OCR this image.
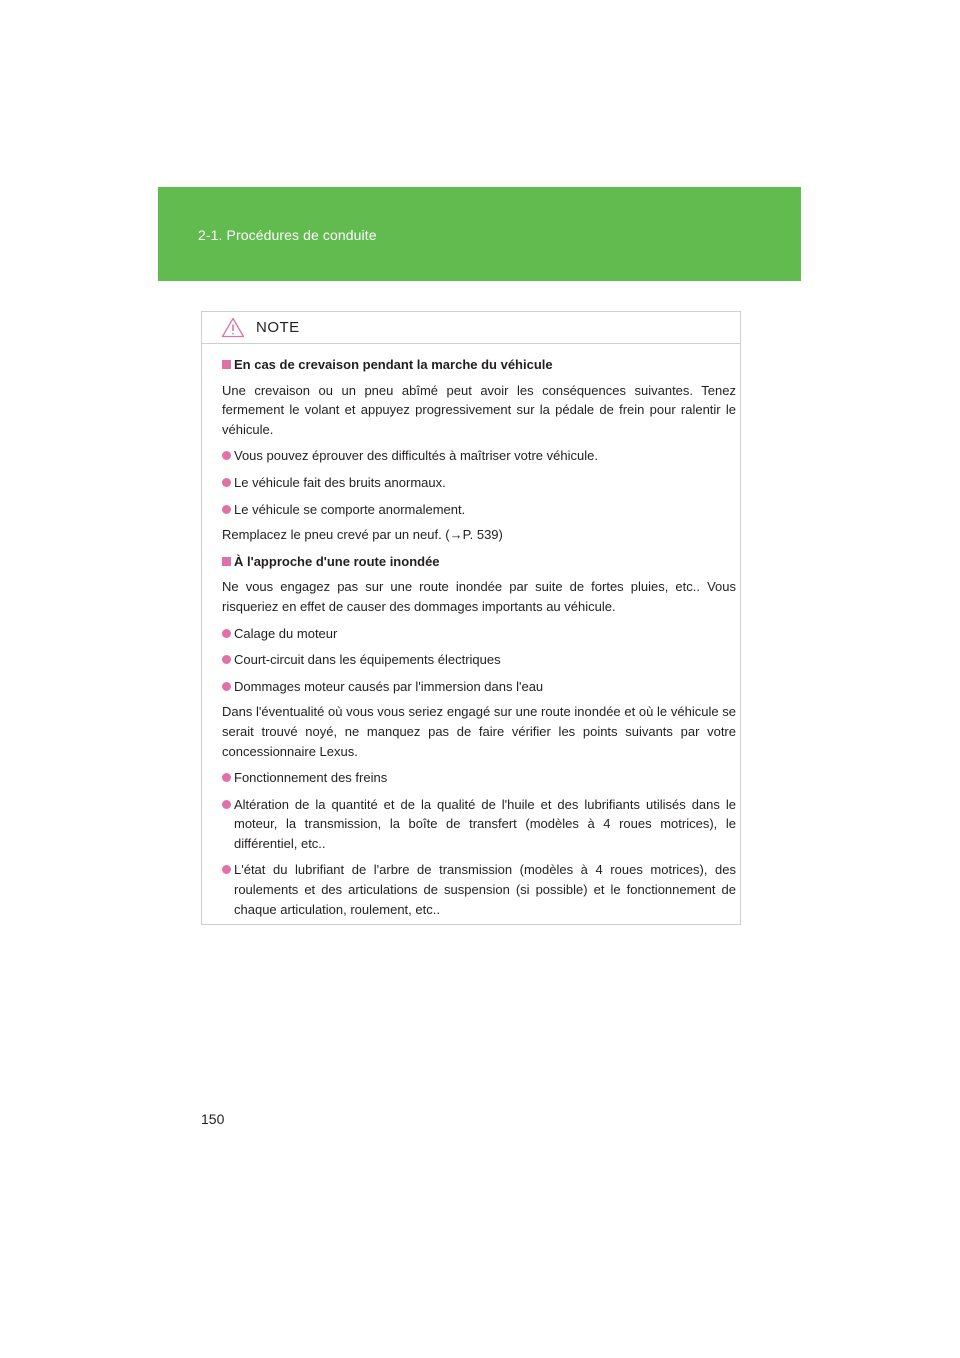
2-1. Procédures de conduite
NOTE

En cas de crevaison pendant la marche du véhicule

Une crevaison ou un pneu abîmé peut avoir les conséquences suivantes. Tenez fermement le volant et appuyez progressivement sur la pédale de frein pour ralentir le véhicule.

Vous pouvez éprouver des difficultés à maîtriser votre véhicule.

Le véhicule fait des bruits anormaux.

Le véhicule se comporte anormalement.

Remplacez le pneu crevé par un neuf. (→P. 539)

À l'approche d'une route inondée

Ne vous engagez pas sur une route inondée par suite de fortes pluies, etc.. Vous risqueriez en effet de causer des dommages importants au véhicule.

Calage du moteur

Court-circuit dans les équipements électriques

Dommages moteur causés par l'immersion dans l'eau

Dans l'éventualité où vous vous seriez engagé sur une route inondée et où le véhicule se serait trouvé noyé, ne manquez pas de faire vérifier les points suivants par votre concessionnaire Lexus.

Fonctionnement des freins

Altération de la quantité et de la qualité de l'huile et des lubrifiants utilisés dans le moteur, la transmission, la boîte de transfert (modèles à 4 roues motrices), le différentiel, etc..

L'état du lubrifiant de l'arbre de transmission (modèles à 4 roues motrices), des roulements et des articulations de suspension (si possible) et le fonctionnement de chaque articulation, roulement, etc..

150
